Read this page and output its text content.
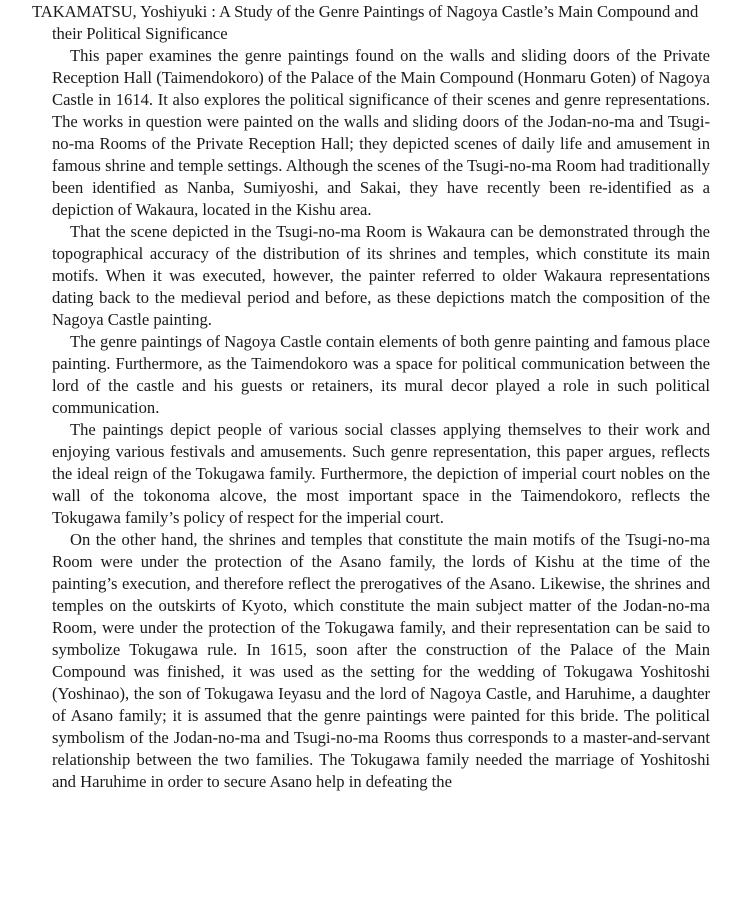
TAKAMATSU, Yoshiyuki : A Study of the Genre Paintings of Nagoya Castle’s Main Compound and their Political Significance

This paper examines the genre paintings found on the walls and sliding doors of the Private Reception Hall (Taimendokoro) of the Palace of the Main Compound (Honmaru Goten) of Nagoya Castle in 1614. It also explores the political significance of their scenes and genre representations. The works in question were painted on the walls and sliding doors of the Jodan-no-ma and Tsugi-no-ma Rooms of the Private Reception Hall; they depicted scenes of daily life and amusement in famous shrine and temple settings. Although the scenes of the Tsugi-no-ma Room had traditionally been identified as Nanba, Sumiyoshi, and Sakai, they have recently been re-identified as a depiction of Wakaura, located in the Kishu area.

That the scene depicted in the Tsugi-no-ma Room is Wakaura can be demonstrated through the topographical accuracy of the distribution of its shrines and temples, which constitute its main motifs. When it was executed, however, the painter referred to older Wakaura representations dating back to the medieval period and before, as these depictions match the composition of the Nagoya Castle painting.

The genre paintings of Nagoya Castle contain elements of both genre painting and famous place painting. Furthermore, as the Taimendokoro was a space for political communication between the lord of the castle and his guests or retainers, its mural decor played a role in such political communication.

The paintings depict people of various social classes applying themselves to their work and enjoying various festivals and amusements. Such genre representation, this paper argues, reflects the ideal reign of the Tokugawa family. Furthermore, the depiction of imperial court nobles on the wall of the tokonoma alcove, the most important space in the Taimendokoro, reflects the Tokugawa family’s policy of respect for the imperial court.

On the other hand, the shrines and temples that constitute the main motifs of the Tsugi-no-ma Room were under the protection of the Asano family, the lords of Kishu at the time of the painting’s execution, and therefore reflect the prerogatives of the Asano. Likewise, the shrines and temples on the outskirts of Kyoto, which constitute the main subject matter of the Jodan-no-ma Room, were under the protection of the Tokugawa family, and their representation can be said to symbolize Tokugawa rule. In 1615, soon after the construction of the Palace of the Main Compound was finished, it was used as the setting for the wedding of Tokugawa Yoshitoshi (Yoshinao), the son of Tokugawa Ieyasu and the lord of Nagoya Castle, and Haruhime, a daughter of Asano family; it is assumed that the genre paintings were painted for this bride. The political symbolism of the Jodan-no-ma and Tsugi-no-ma Rooms thus corresponds to a master-and-servant relationship between the two families. The Tokugawa family needed the marriage of Yoshitoshi and Haruhime in order to secure Asano help in defeating the
